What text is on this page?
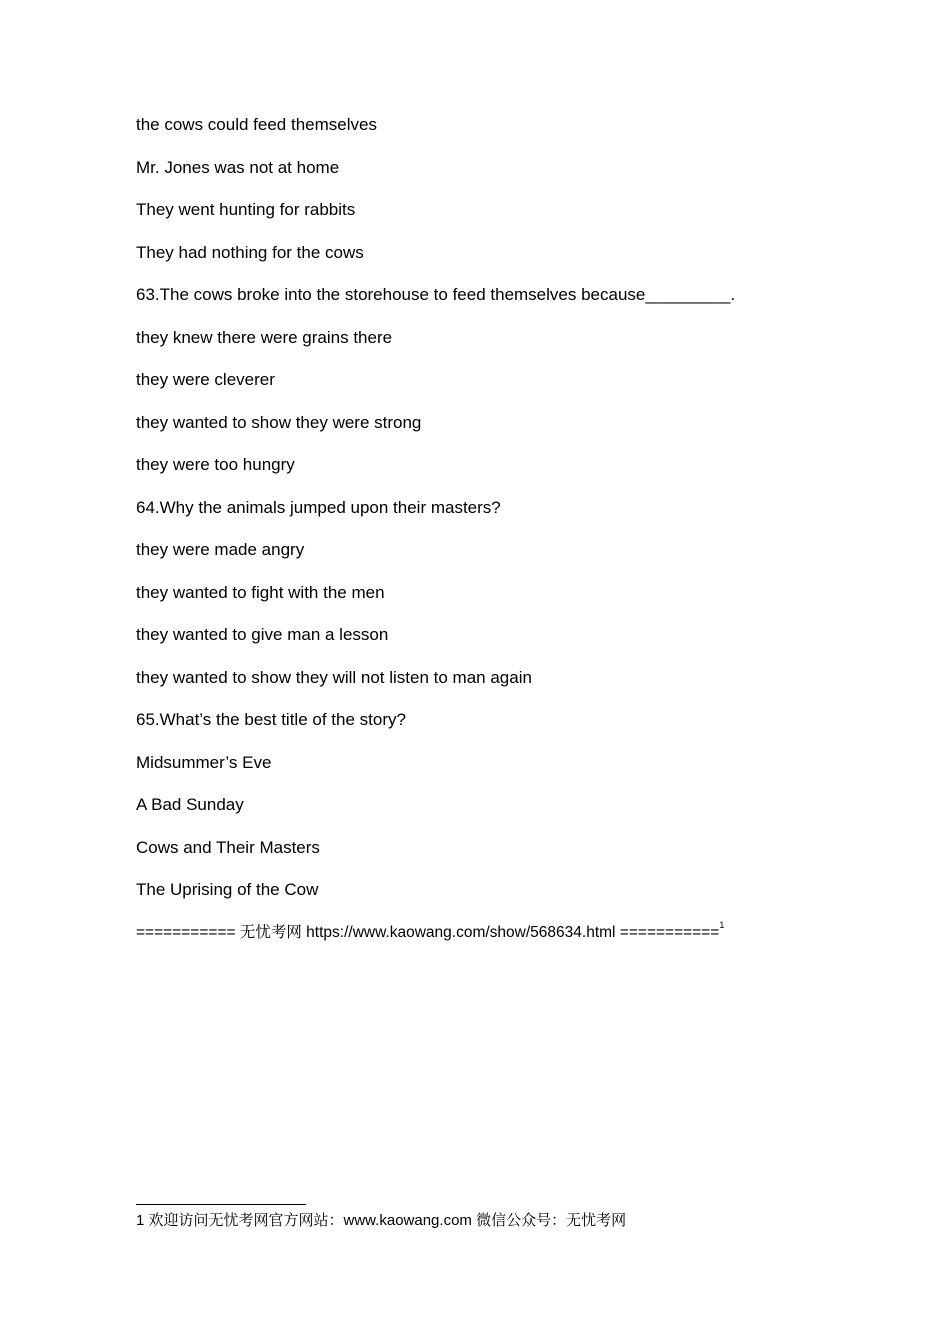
the cows could feed themselves
Mr. Jones was not at home
They went hunting for rabbits
They had nothing for the cows
63.The cows broke into the storehouse to feed themselves because_________.
they knew there were grains there
they were cleverer
they wanted to show they were strong
they were too hungry
64.Why the animals jumped upon their masters?
they were made angry
they wanted to fight with the men
they wanted to give man a lesson
they wanted to show they will not listen to man again
65.What’s the best title of the story?
Midsummer’s Eve
A Bad Sunday
Cows and Their Masters
The Uprising of the Cow
=========== 无忧考网 https://www.kaowang.com/show/568634.html ===========$^1$
1 欢迎访问无忧考网官方网站：www.kaowang.com 微信公众号：无忧考网
